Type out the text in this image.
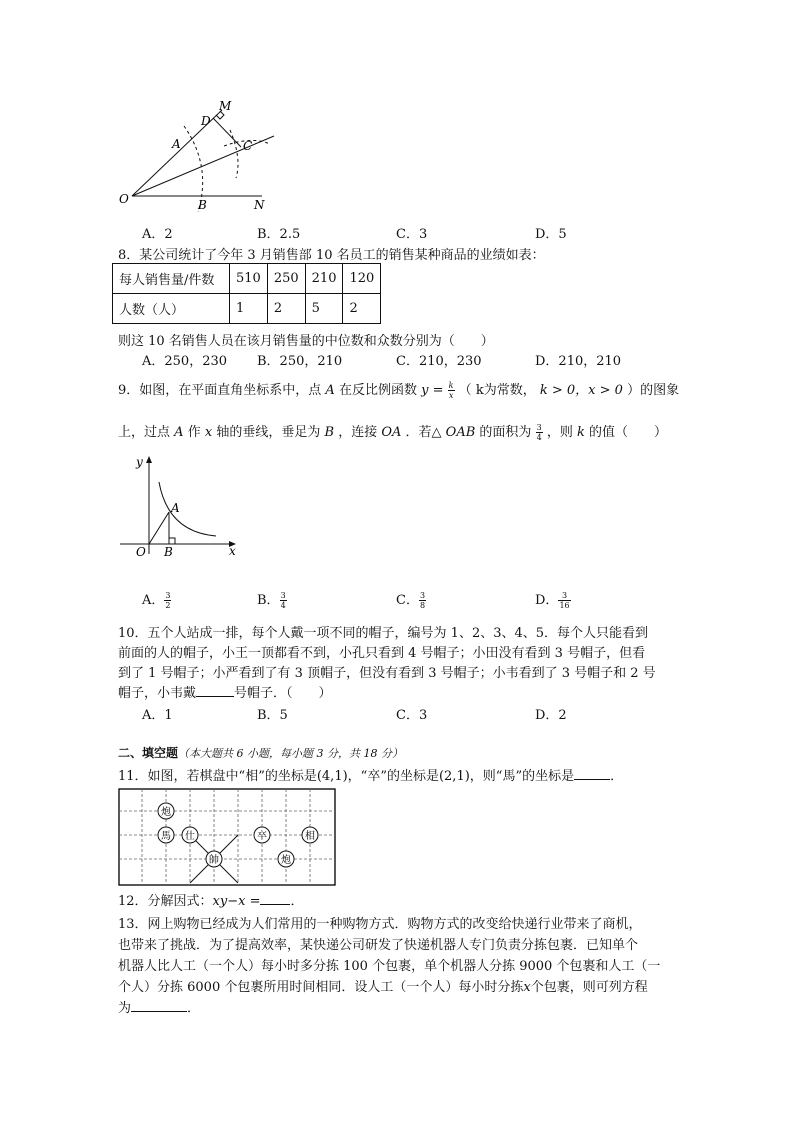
M
D
A	C
O	B	N
A．2	B．2.5	C．3	D．5
8．某公司统计了今年 3 月销售部 10 名员工的销售某种商品的业绩如表：
每人销售量/件数	510	250	210	120
人数（人）	1	2	5	2
则这 10 名销售人员在该月销售量的中位数和众数分别为（　　）
A．250，230 B．250，210	C．210，230	D．210，210
9．如图，在平面直角坐标系中，点 A 在反比例函数 $y = \frac{k}{x}$ （ k为常数， k > 0，x > 0 ）的图象
上，过点 A 作 x 轴的垂线，垂足为 B ，连接 OA ．若△ OAB 的面积为 $\frac{3}{4}$ ，则 k 的值（　　）
y
x
O
A
B
A． $\frac{3}{2}$	B． $\frac{3}{4}$	C． $\frac{3}{8}$	D． $\frac{3}{16}$
10．五个人站成一排，每个人戴一项不同的帽子，编号为 1、2、3、4、5．每个人只能看到
前面的人的帽子，小王一顶都看不到，小孔只看到 4 号帽子；小田没有看到 3 号帽子，但看
到了 1 号帽子；小严看到了有 3 顶帽子，但没有看到 3 号帽子；小韦看到了 3 号帽子和 2 号
帽子，小韦戴	号帽子．（　　）
A．1	B．5	C．3	D．2
二、填空题（本大题共 6 小题，每小题 3 分，共 18 分）
11．如图，若棋盘中“相”的坐标是(4,1)，“卒”的坐标是(2,1)，则“馬”的坐标是	．
炮
馬 仕	卒	相
帥	炮
12．分解因式：xy−x = ．
13．网上购物已经成为人们常用的一种购物方式．购物方式的改变给快递行业带来了商机，
也带来了挑战．为了提高效率，某快递公司研发了快递机器人专门负责分拣包裹．已知单个
机器人比人工（一个人）每小时多分拣 100 个包裹，单个机器人分拣 9000 个包裹和人工（一
个人）分拣 6000 个包裹所用时间相同．设人工（一个人）每小时分拣x个包裹，则可列方程
为	．
